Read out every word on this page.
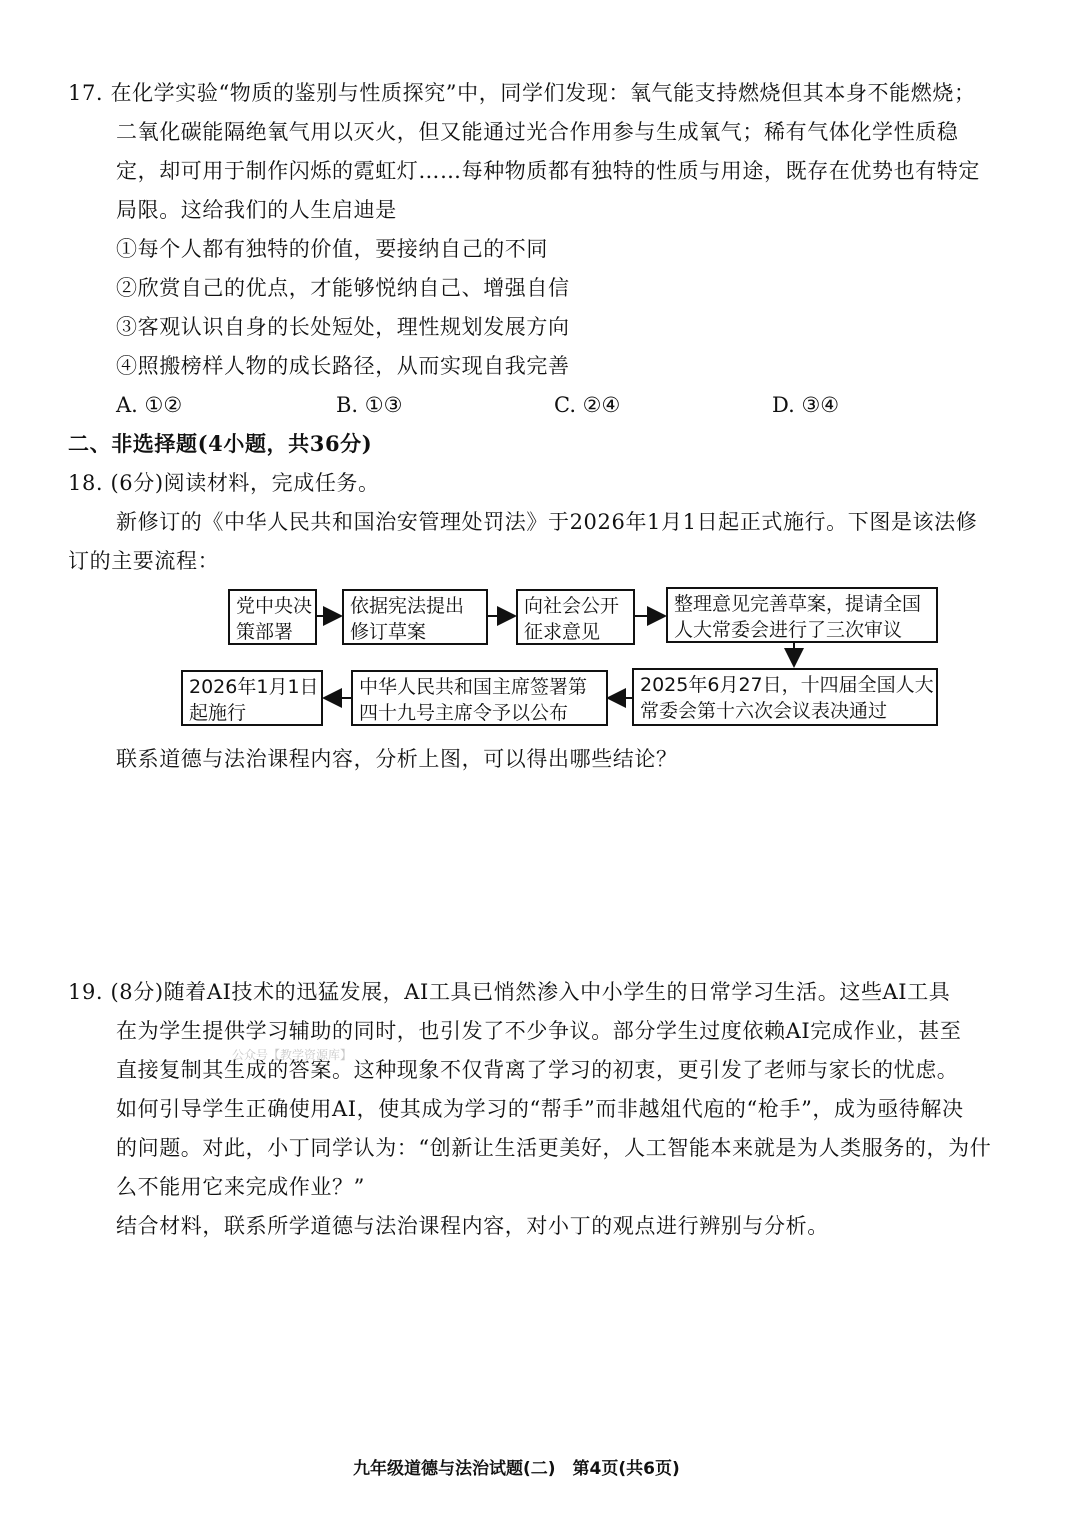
17. 在化学实验“物质的鉴别与性质探究”中，同学们发现：氧气能支持燃烧但其本身不能燃烧；
二氧化碳能隔绝氧气用以灭火，但又能通过光合作用参与生成氧气；稀有气体化学性质稳
定，却可用于制作闪烁的霓虹灯……每种物质都有独特的性质与用途，既存在优势也有特定
局限。这给我们的人生启迪是
①每个人都有独特的价值，要接纳自己的不同
②欣赏自己的优点，才能够悦纳自己、增强自信
③客观认识自身的长处短处，理性规划发展方向
④照搬榜样人物的成长路径，从而实现自我完善
A. ①②	B. ①③	C. ②④	D. ③④
二、非选择题(4小题，共36分)
18. (6分)阅读材料，完成任务。
新修订的《中华人民共和国治安管理处罚法》于2026年1月1日起正式施行。下图是该法修
订的主要流程：
党中央决
策部署
依据宪法提出
修订草案
向社会公开
征求意见
整理意见完善草案，提请全国
人大常委会进行了三次审议
2025年6月27日，十四届全国人大
常委会第十六次会议表决通过
中华人民共和国主席签署第
四十九号主席令予以公布
2026年1月1日
起施行
联系道德与法治课程内容，分析上图，可以得出哪些结论？
19. (8分)随着AI技术的迅猛发展，AI工具已悄然渗入中小学生的日常学习生活。这些AI工具
在为学生提供学习辅助的同时，也引发了不少争议。部分学生过度依赖AI完成作业，甚至
直接复制其生成的答案。这种现象不仅背离了学习的初衷，更引发了老师与家长的忧虑。
如何引导学生正确使用AI，使其成为学习的“帮手”而非越俎代庖的“枪手”，成为亟待解决
的问题。对此，小丁同学认为：“创新让生活更美好，人工智能本来就是为人类服务的，为什
么不能用它来完成作业？”
结合材料，联系所学道德与法治课程内容，对小丁的观点进行辨别与分析。
公众号【教学资源库】
九年级道德与法治试题(二)　第4页(共6页)
